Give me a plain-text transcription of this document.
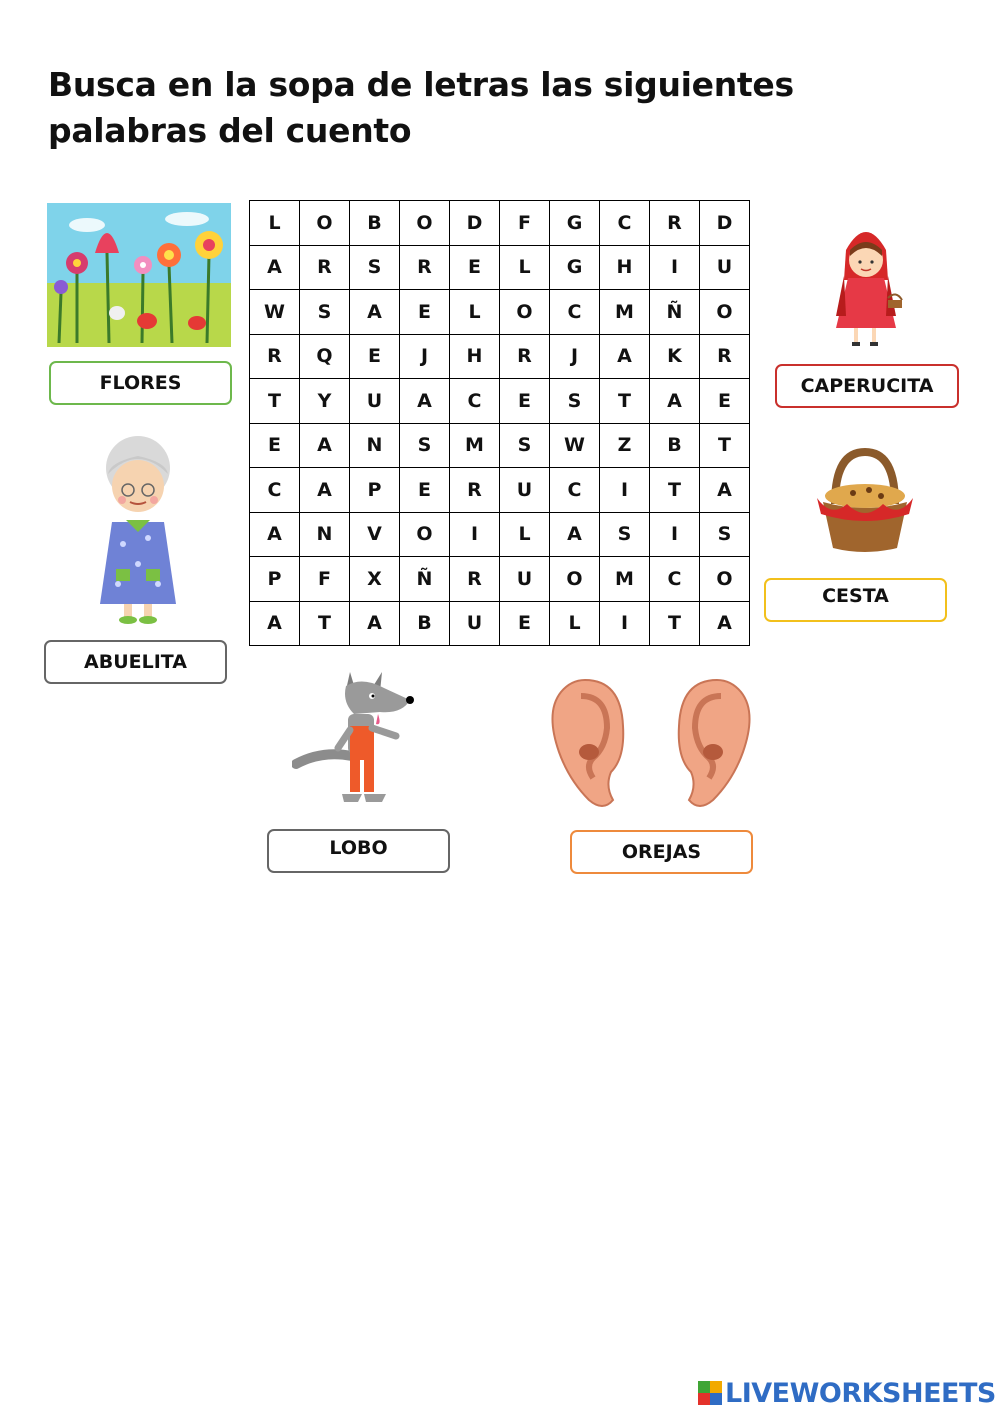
Busca en la sopa de letras las siguientes palabras del cuento
L	O	B	O	D	F	G	C	R	D
A	R	S	R	E	L	G	H	I	U
W	S	A	E	L	O	C	M	Ñ	O
R	Q	E	J	H	R	J	A	K	R
T	Y	U	A	C	E	S	T	A	E
E	A	N	S	M	S	W	Z	B	T
C	A	P	E	R	U	C	I	T	A
A	N	V	O	I	L	A	S	I	S
P	F	X	Ñ	R	U	O	M	C	O
A	T	A	B	U	E	L	I	T	A
FLORES	CAPERUCITA
ABUELITA
CESTA
LOBO	OREJAS
LIVEWORKSHEETS
